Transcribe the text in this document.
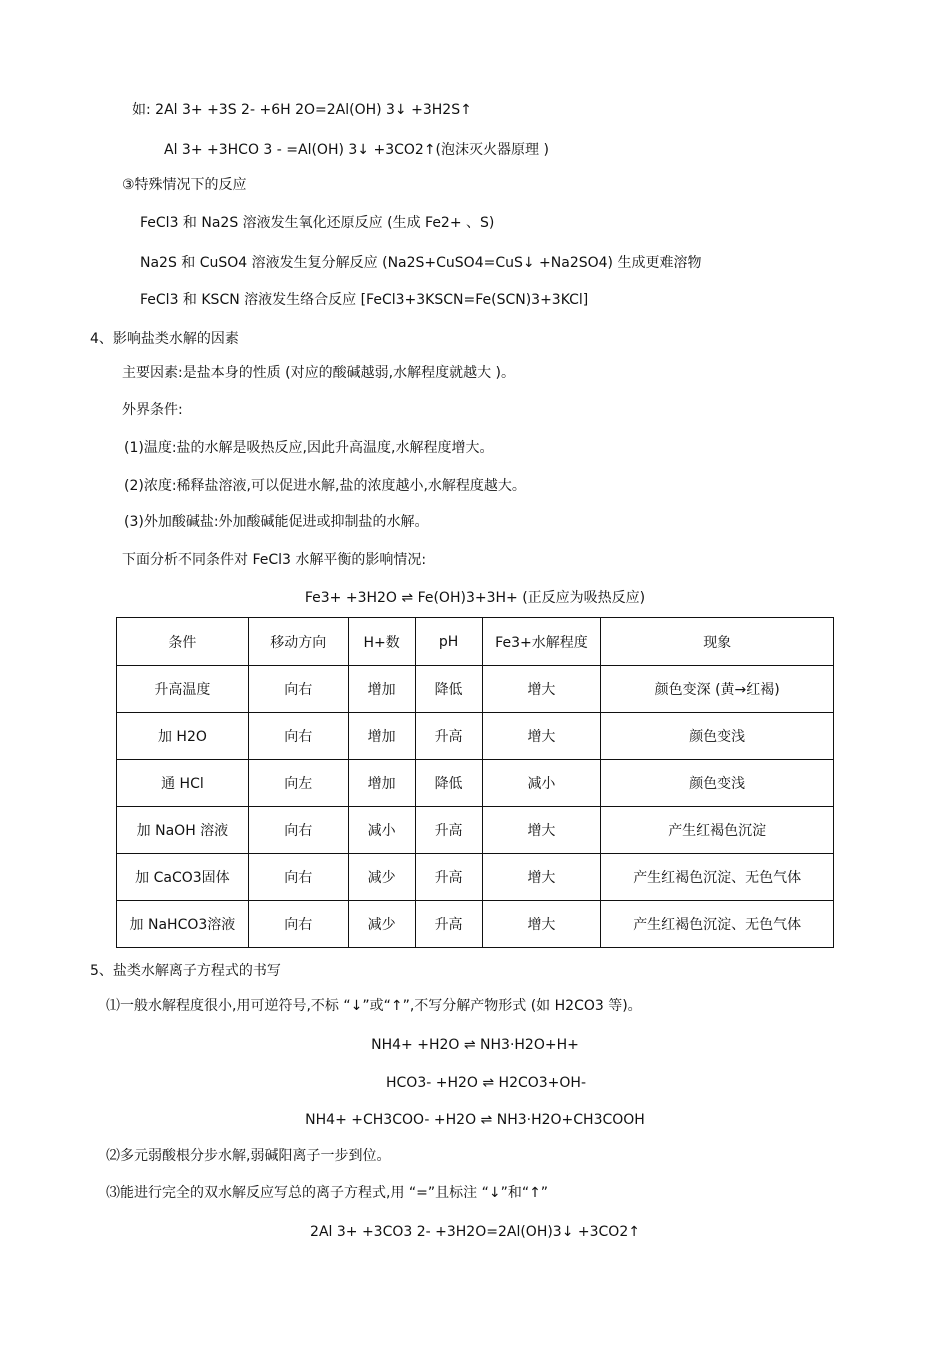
如: 2Al 3+ +3S 2- +6H 2O=2Al(OH) 3↓ +3H2S↑
Al 3+ +3HCO 3 - =Al(OH) 3↓ +3CO2↑(泡沫灭火器原理 )
③特殊情况下的反应
FeCl3 和 Na2S 溶液发生氧化还原反应 (生成 Fe2+ 、S)
Na2S 和 CuSO4 溶液发生复分解反应 (Na2S+CuSO4=CuS↓ +Na2SO4) 生成更难溶物
FeCl3 和 KSCN 溶液发生络合反应 [FeCl3+3KSCN=Fe(SCN)3+3KCl]
4、影响盐类水解的因素
主要因素:是盐本身的性质 (对应的酸碱越弱,水解程度就越大 )。
外界条件:
(1)温度:盐的水解是吸热反应,因此升高温度,水解程度增大。
(2)浓度:稀释盐溶液,可以促进水解,盐的浓度越小,水解程度越大。
(3)外加酸碱盐:外加酸碱能促进或抑制盐的水解。
下面分析不同条件对 FeCl3 水解平衡的影响情况:
Fe3+ +3H2O ⇌ Fe(OH)3+3H+ (正反应为吸热反应)
条件	移动方向	H+数	pH	Fe3+水解程度	现象
升高温度	向右	增加	降低	增大	颜色变深 (黄→红褐)
加 H2O	向右	增加	升高	增大	颜色变浅
通 HCl	向左	增加	降低	减小	颜色变浅
加 NaOH 溶液	向右	减小	升高	增大	产生红褐色沉淀
加 CaCO3固体	向右	减少	升高	增大	产生红褐色沉淀、无色气体
加 NaHCO3溶液	向右	减少	升高	增大	产生红褐色沉淀、无色气体
5、盐类水解离子方程式的书写
⑴一般水解程度很小,用可逆符号,不标 “↓”或“↑”,不写分解产物形式 (如 H2CO3 等)。
NH4+ +H2O ⇌ NH3·H2O+H+
HCO3- +H2O ⇌ H2CO3+OH-
NH4+ +CH3COO- +H2O ⇌ NH3·H2O+CH3COOH
⑵多元弱酸根分步水解,弱碱阳离子一步到位。
⑶能进行完全的双水解反应写总的离子方程式,用 “=”且标注 “↓”和“↑”
2Al 3+ +3CO3 2- +3H2O=2Al(OH)3↓ +3CO2↑
